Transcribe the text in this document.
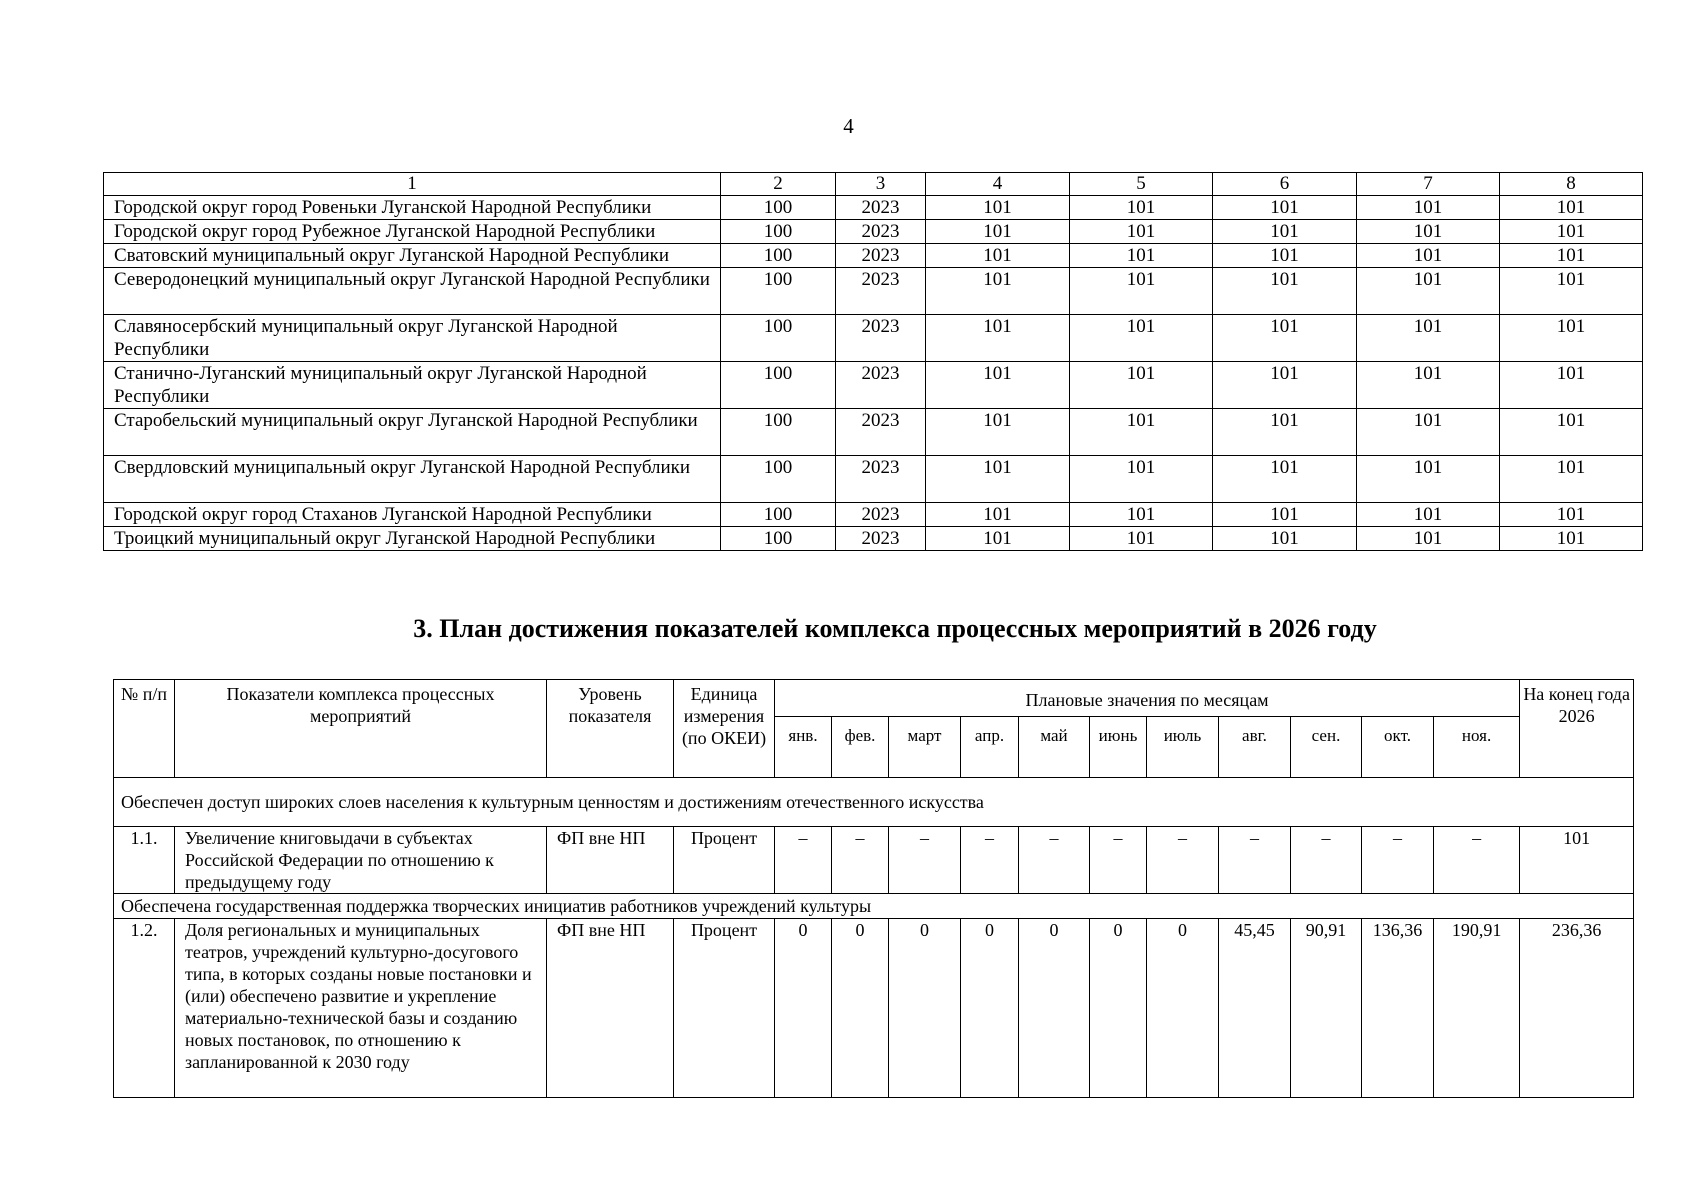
4
1	2	3	4	5	6	7	8
Городской округ город Ровеньки Луганской Народной Республики	100	2023	101	101	101	101	101
Городской округ город Рубежное Луганской Народной Республики	100	2023	101	101	101	101	101
Сватовский муниципальный округ Луганской Народной Республики	100	2023	101	101	101	101	101
Северодонецкий муниципальный округ Луганской Народной Республики	100	2023	101	101	101	101	101
Славяносербский муниципальный округ Луганской Народной Республики	100	2023	101	101	101	101	101
Станично-Луганский муниципальный округ Луганской Народной Республики	100	2023	101	101	101	101	101
Старобельский муниципальный округ Луганской Народной Республики	100	2023	101	101	101	101	101
Свердловский муниципальный округ Луганской Народной Республики	100	2023	101	101	101	101	101
Городской округ город Стаханов Луганской Народной Республики	100	2023	101	101	101	101	101
Троицкий муниципальный округ Луганской Народной Республики	100	2023	101	101	101	101	101
3. План достижения показателей комплекса процессных мероприятий в 2026 году
№ п/п	Показатели комплекса процессных мероприятий	Уровень показателя	Единица измерения (по ОКЕИ)	Плановые значения по месяцам											На конец года 2026
				янв.	фев.	март	апр.	май	июнь	июль	авг.	сен.	окт.	ноя.	
Обеспечен доступ широких слоев населения к культурным ценностям и достижениям отечественного искусства															
1.1.	Увеличение книговыдачи в субъектах Российской Федерации по отношению к предыдущему году	ФП вне НП	Процент	–	–	–	–	–	–	–	–	–	–	–	101
Обеспечена государственная поддержка творческих инициатив работников учреждений культуры															
1.2.	Доля региональных и муниципальных театров, учреждений культурно-досугового типа, в которых созданы новые постановки и (или) обеспечено развитие и укрепление материально-технической базы и созданию новых постановок, по отношению к запланированной к 2030 году	ФП вне НП	Процент	0	0	0	0	0	0	0	45,45	90,91	136,36	190,91	236,36
